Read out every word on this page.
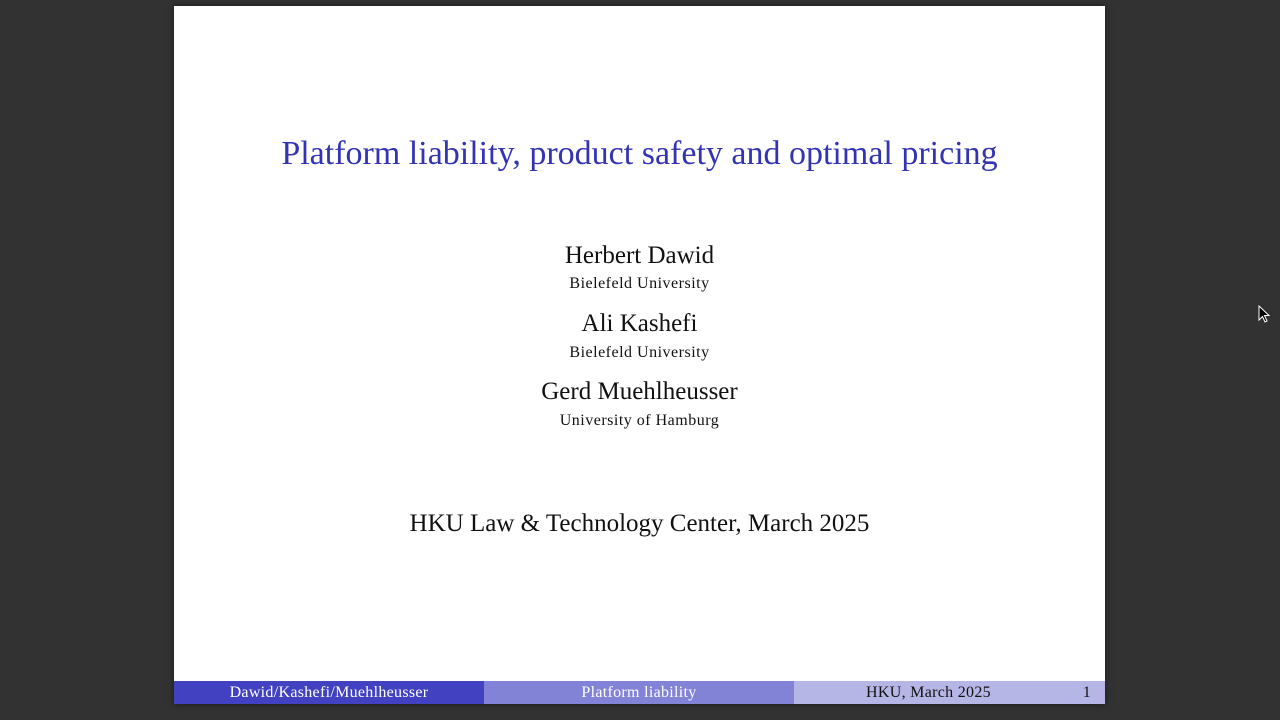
Platform liability, product safety and optimal pricing
Herbert Dawid
Bielefeld University
Ali Kashefi
Bielefeld University
Gerd Muehlheusser
University of Hamburg
HKU Law & Technology Center, March 2025
Dawid/Kashefi/Muehlheusser	Platform liability	HKU, March 2025	1
